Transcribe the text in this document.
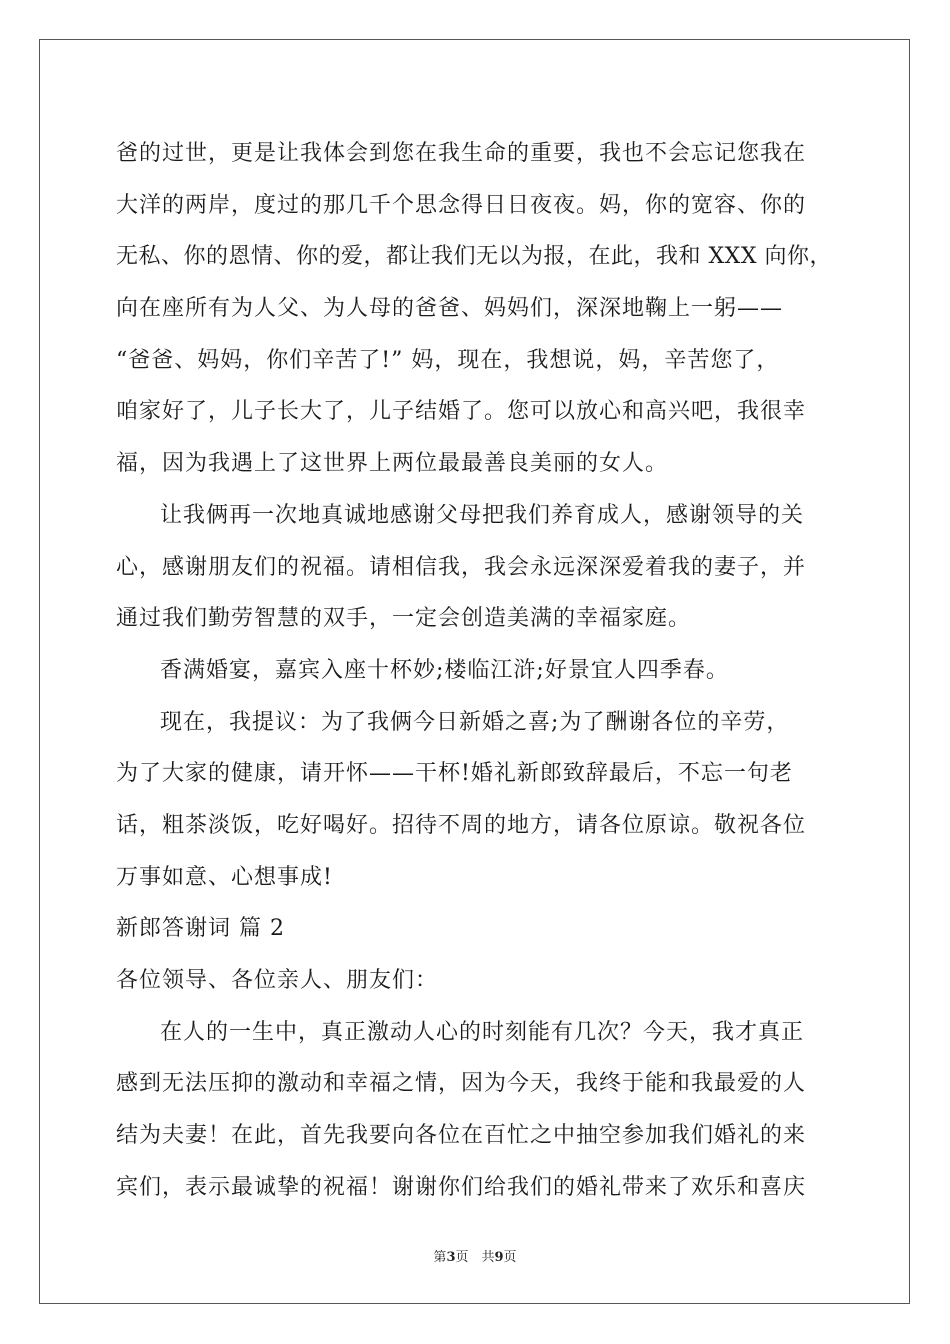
爸的过世，更是让我体会到您在我生命的重要，我也不会忘记您我在
大洋的两岸，度过的那几千个思念得日日夜夜。妈，你的宽容、你的
无私、你的恩情、你的爱，都让我们无以为报，在此，我和 XXX 向你，
向在座所有为人父、为人母的爸爸、妈妈们，深深地鞠上一躬——
“爸爸、妈妈，你们辛苦了!” 妈，现在，我想说，妈，辛苦您了，
咱家好了，儿子长大了，儿子结婚了。您可以放心和高兴吧，我很幸
福，因为我遇上了这世界上两位最最善良美丽的女人。
让我俩再一次地真诚地感谢父母把我们养育成人，感谢领导的关
心，感谢朋友们的祝福。请相信我，我会永远深深爱着我的妻子，并
通过我们勤劳智慧的双手，一定会创造美满的幸福家庭。
香满婚宴，嘉宾入座十杯妙;楼临江浒;好景宜人四季春。
现在，我提议：为了我俩今日新婚之喜;为了酬谢各位的辛劳，
为了大家的健康，请开怀——干杯!婚礼新郎致辞最后，不忘一句老
话，粗茶淡饭，吃好喝好。招待不周的地方，请各位原谅。敬祝各位
万事如意、心想事成!
新郎答谢词 篇 2
各位领导、各位亲人、朋友们：
在人的一生中，真正激动人心的时刻能有几次？今天，我才真正
感到无法压抑的激动和幸福之情，因为今天，我终于能和我最爱的人
结为夫妻！在此，首先我要向各位在百忙之中抽空参加我们婚礼的来
宾们，表示最诚挚的祝福！谢谢你们给我们的婚礼带来了欢乐和喜庆
第3页　共9页
